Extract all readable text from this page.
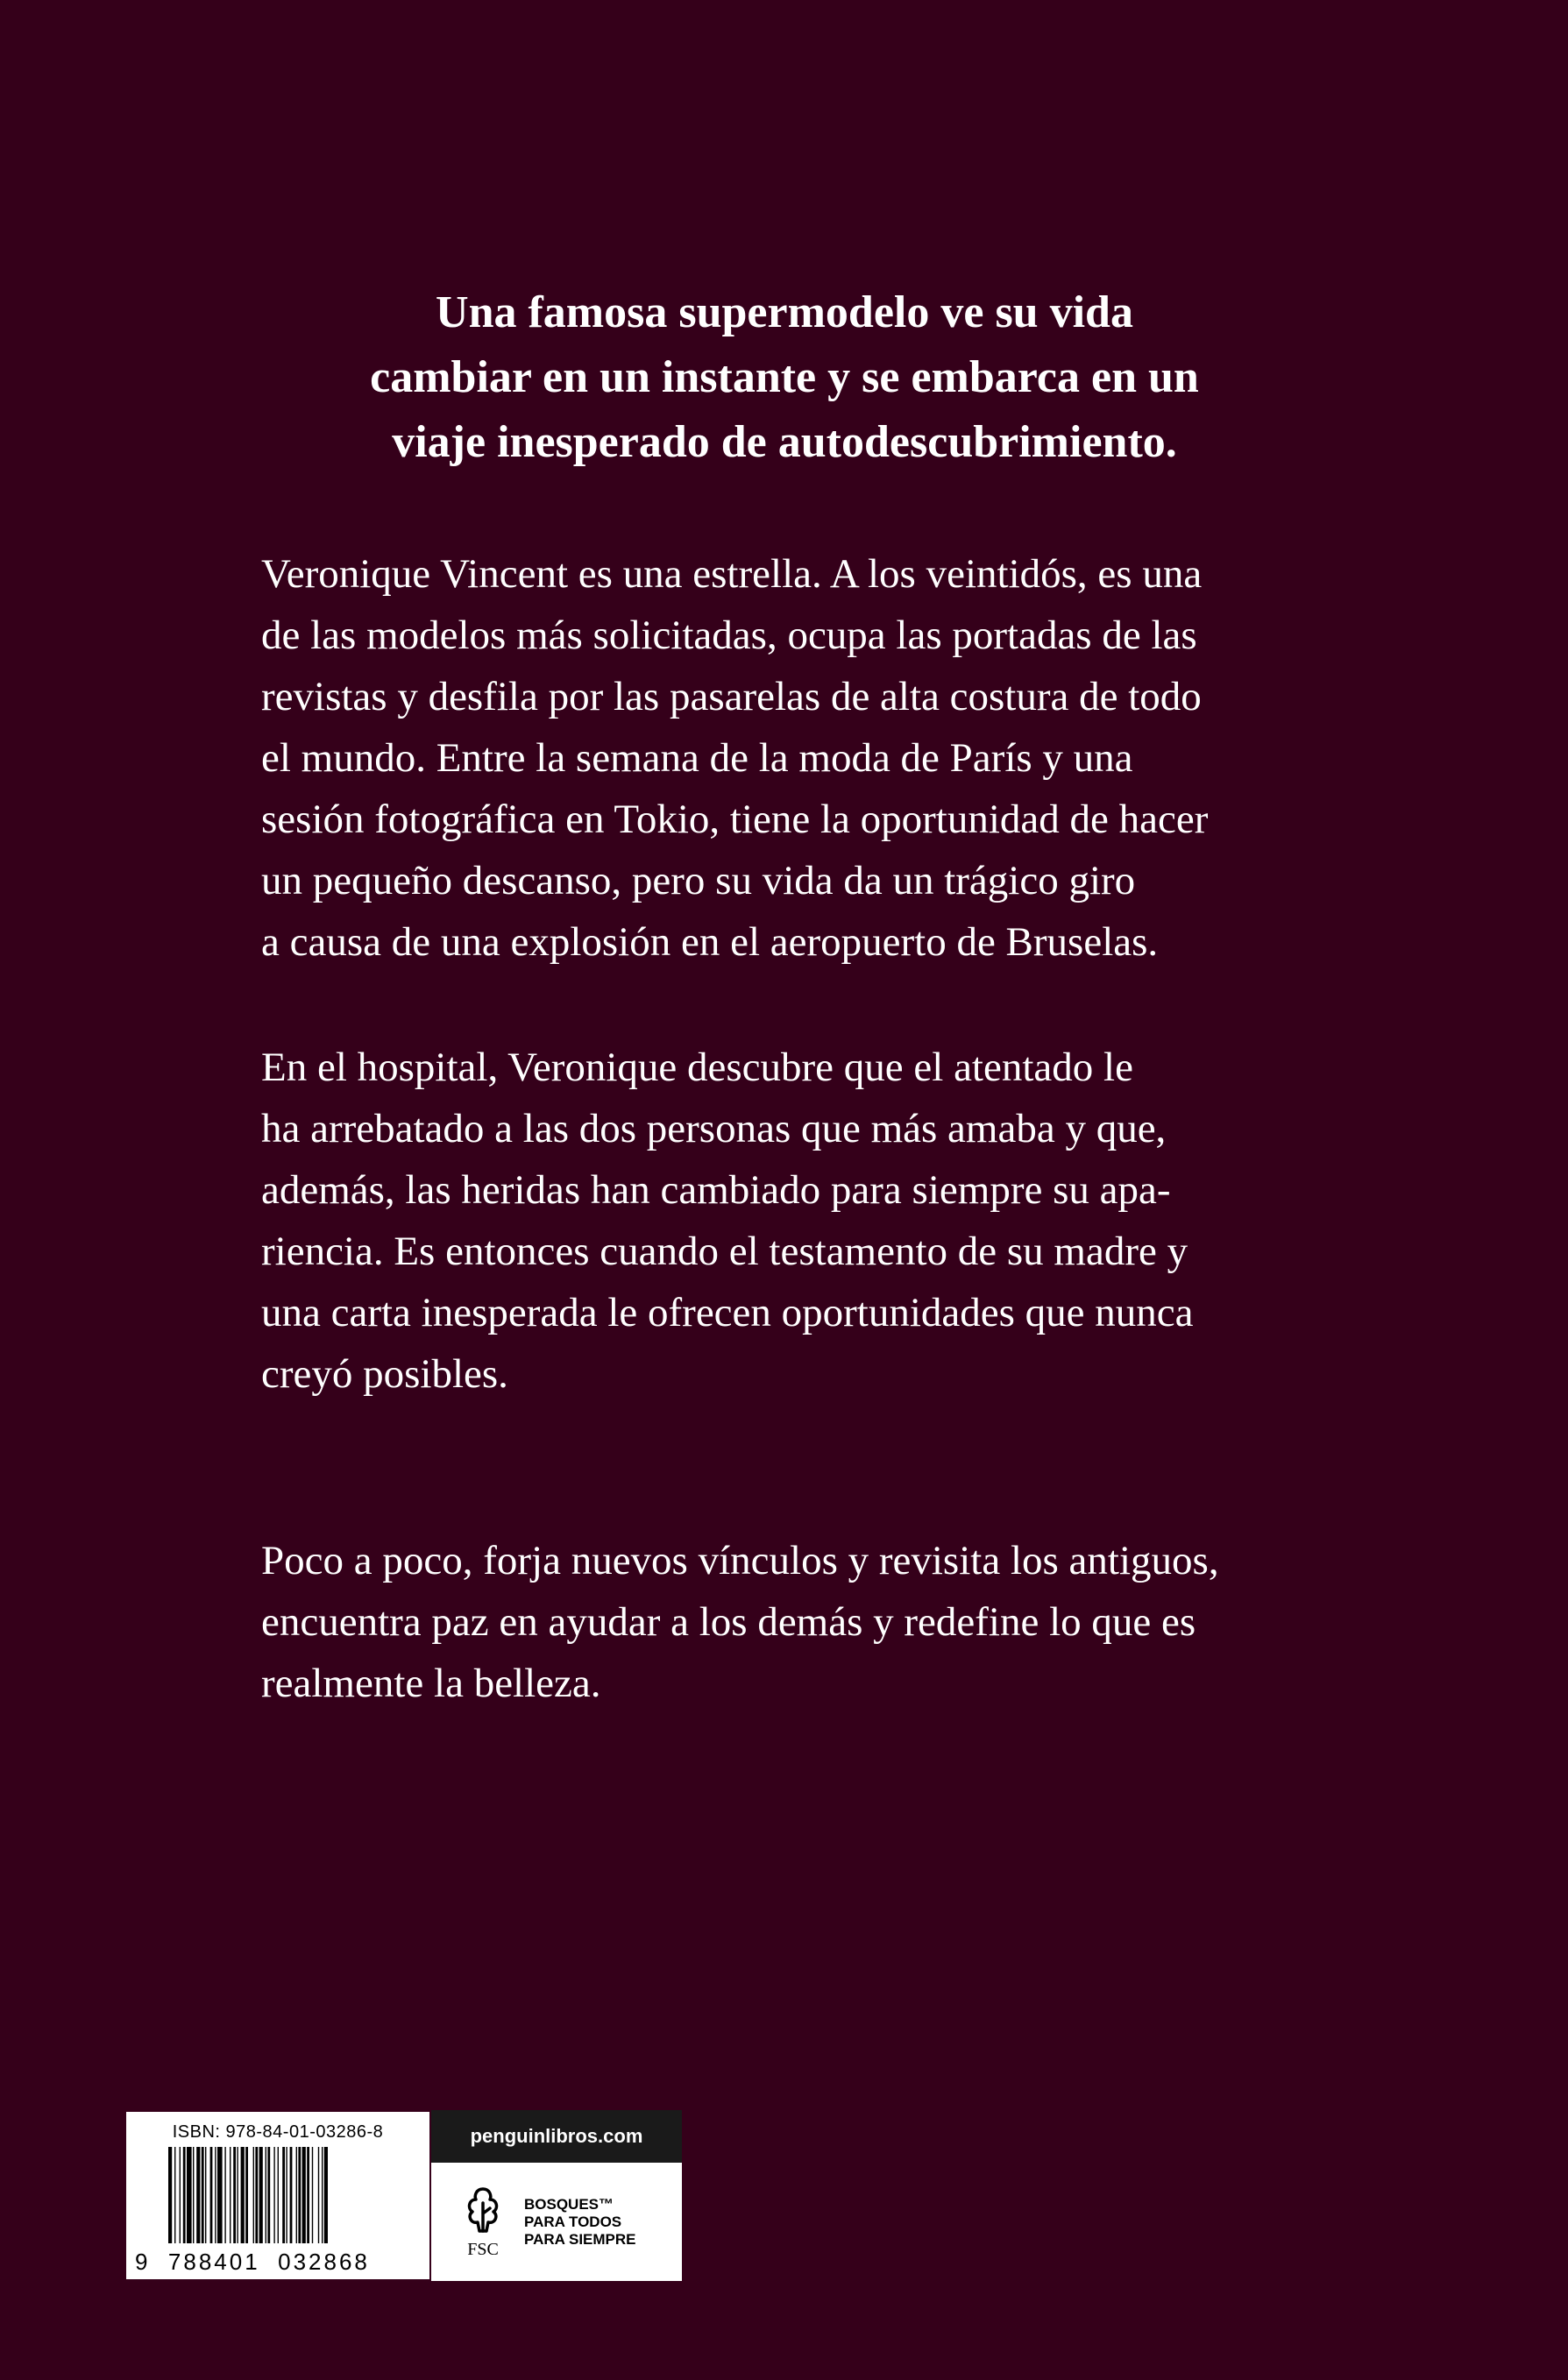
Una famosa supermodelo ve su vida
cambiar en un instante y se embarca en un
viaje inesperado de autodescubrimiento.

Veronique Vincent es una estrella. A los veintidós, es una
de las modelos más solicitadas, ocupa las portadas de las
revistas y desfila por las pasarelas de alta costura de todo
el mundo. Entre la semana de la moda de París y una
sesión fotográfica en Tokio, tiene la oportunidad de hacer
un pequeño descanso, pero su vida da un trágico giro
a causa de una explosión en el aeropuerto de Bruselas.

En el hospital, Veronique descubre que el atentado le
ha arrebatado a las dos personas que más amaba y que,
además, las heridas han cambiado para siempre su apa-
riencia. Es entonces cuando el testamento de su madre y
una carta inesperada le ofrecen oportunidades que nunca
creyó posibles.

Poco a poco, forja nuevos vínculos y revisita los antiguos,
encuentra paz en ayudar a los demás y redefine lo que es
realmente la belleza.

ISBN: 978-84-01-03286-8
9  788401  032868
penguinlibros.com
FSC
BOSQUES™
PARA TODOS
PARA SIEMPRE
